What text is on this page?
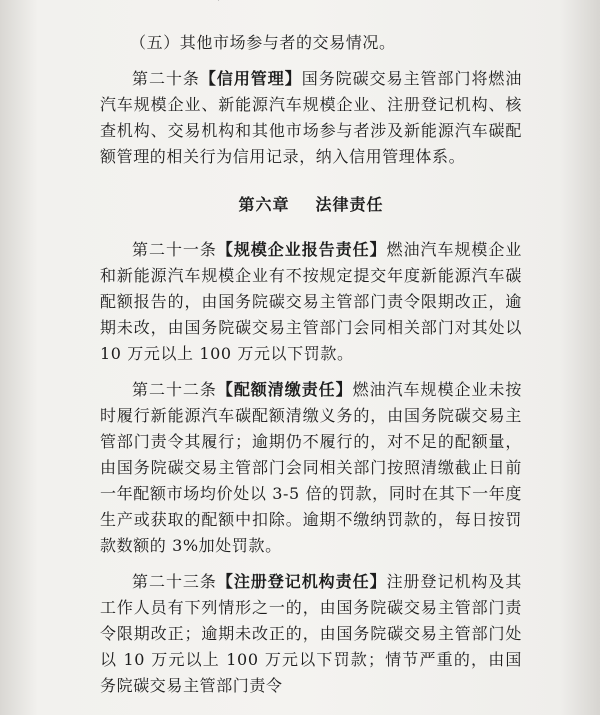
˙

（五）其他市场参与者的交易情况。

第二十条【信用管理】国务院碳交易主管部门将燃油汽车规模企业、新能源汽车规模企业、注册登记机构、核查机构、交易机构和其他市场参与者涉及新能源汽车碳配额管理的相关行为信用记录，纳入信用管理体系。

第六章 法律责任

第二十一条【规模企业报告责任】燃油汽车规模企业和新能源汽车规模企业有不按规定提交年度新能源汽车碳配额报告的，由国务院碳交易主管部门责令限期改正，逾期未改，由国务院碳交易主管部门会同相关部门对其处以 10 万元以上 100 万元以下罚款。

第二十二条【配额清缴责任】燃油汽车规模企业未按时履行新能源汽车碳配额清缴义务的，由国务院碳交易主管部门责令其履行；逾期仍不履行的，对不足的配额量，由国务院碳交易主管部门会同相关部门按照清缴截止日前一年配额市场均价处以 3-5 倍的罚款，同时在其下一年度生产或获取的配额中扣除。逾期不缴纳罚款的，每日按罚款数额的 3%加处罚款。

第二十三条【注册登记机构责任】注册登记机构及其工作人员有下列情形之一的，由国务院碳交易主管部门责令限期改正；逾期未改正的，由国务院碳交易主管部门处以 10 万元以上 100 万元以下罚款；情节严重的，由国务院碳交易主管部门责令
